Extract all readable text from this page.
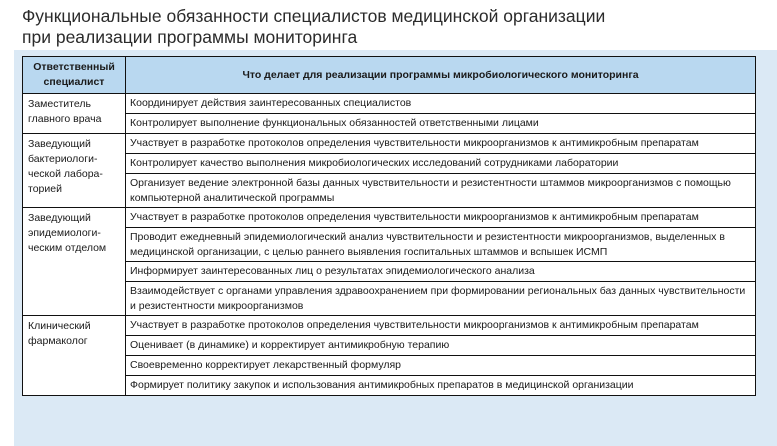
Функциональные обязанности специалистов медицинской организации
при реализации программы мониторинга
Ответственный специалист	Что делает для реализации программы микробиологического мониторинга
Заместитель главного врача	Координирует действия заинтересованных специалистов
	Контролирует выполнение функциональных обязанностей ответственными лицами
Заведующий бактериологи-ческой лабора-торией	Участвует в разработке протоколов определения чувствительности микроорганизмов к антимикробным препаратам
	Контролирует качество выполнения микробиологических исследований сотрудниками лаборатории
	Организует ведение электронной базы данных чувствительности и резистентности штаммов микроорганизмов с помощью компьютерной аналитической программы
Заведующий эпидемиологи-ческим отделом	Участвует в разработке протоколов определения чувствительности микроорганизмов к антимикробным препаратам
	Проводит ежедневный эпидемиологический анализ чувствительности и резистентности микроорганизмов, выделенных в медицинской организации, с целью раннего выявления госпитальных штаммов и вспышек ИСМП
	Информирует заинтересованных лиц о результатах эпидемиологического анализа
	Взаимодействует с органами управления здравоохранением при формировании региональных баз данных чувствительности и резистентности микроорганизмов
Клинический фармаколог	Участвует в разработке протоколов определения чувствительности микроорганизмов к антимикробным препаратам
	Оценивает (в динамике) и корректирует антимикробную терапию
	Своевременно корректирует лекарственный формуляр
	Формирует политику закупок и использования антимикробных препаратов в медицинской организации
